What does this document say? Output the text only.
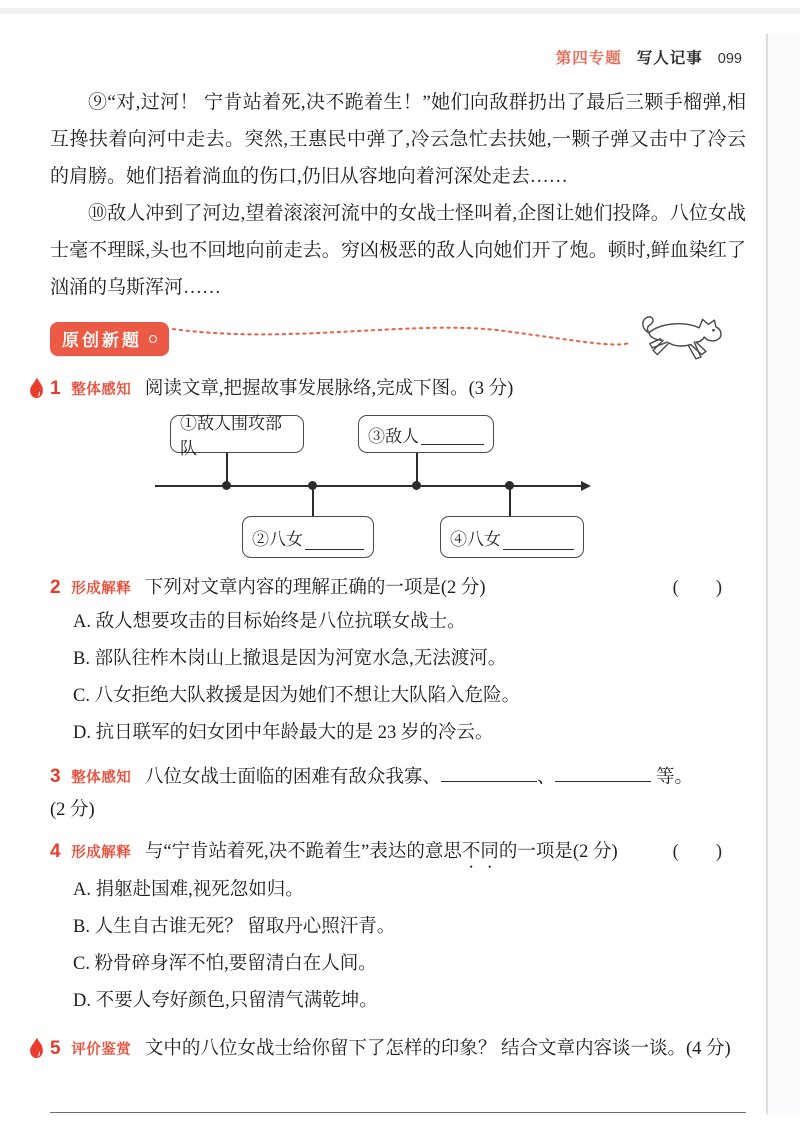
第四专题 写人记事 099

⑨“对,过河！ 宁肯站着死,决不跪着生！”她们向敌群扔出了最后三颗手榴弹,相互搀扶着向河中走去。突然,王惠民中弹了,冷云急忙去扶她,一颗子弹又击中了冷云的肩膀。她们捂着淌血的伤口,仍旧从容地向着河深处走去……

⑩敌人冲到了河边,望着滚滚河流中的女战士怪叫着,企图让她们投降。八位女战士毫不理睬,头也不回地向前走去。穷凶极恶的敌人向她们开了炮。顿时,鲜血染红了汹涌的乌斯浑河……

原创新题
1 整体感知 阅读文章,把握故事发展脉络,完成下图。(3 分)
①敌人围攻部队
③敌人
②八女	④八女
2 形成解释 下列对文章内容的理解正确的一项是(2 分)	(　　)
A. 敌人想要攻击的目标始终是八位抗联女战士。
B. 部队往柞木岗山上撤退是因为河宽水急,无法渡河。
C. 八女拒绝大队救援是因为她们不想让大队陷入危险。
D. 抗日联军的妇女团中年龄最大的是 23 岁的冷云。
3 整体感知 八位女战士面临的困难有敌众我寡、	、	等。
(2 分)
4 形成解释 与“宁肯站着死,决不跪着生”表达的意思不同的一项是(2 分)	(　　)
A. 捐躯赴国难,视死忽如归。
B. 人生自古谁无死？ 留取丹心照汗青。
C. 粉骨碎身浑不怕,要留清白在人间。
D. 不要人夸好颜色,只留清气满乾坤。
5 评价鉴赏 文中的八位女战士给你留下了怎样的印象？ 结合文章内容谈一谈。(4 分)
